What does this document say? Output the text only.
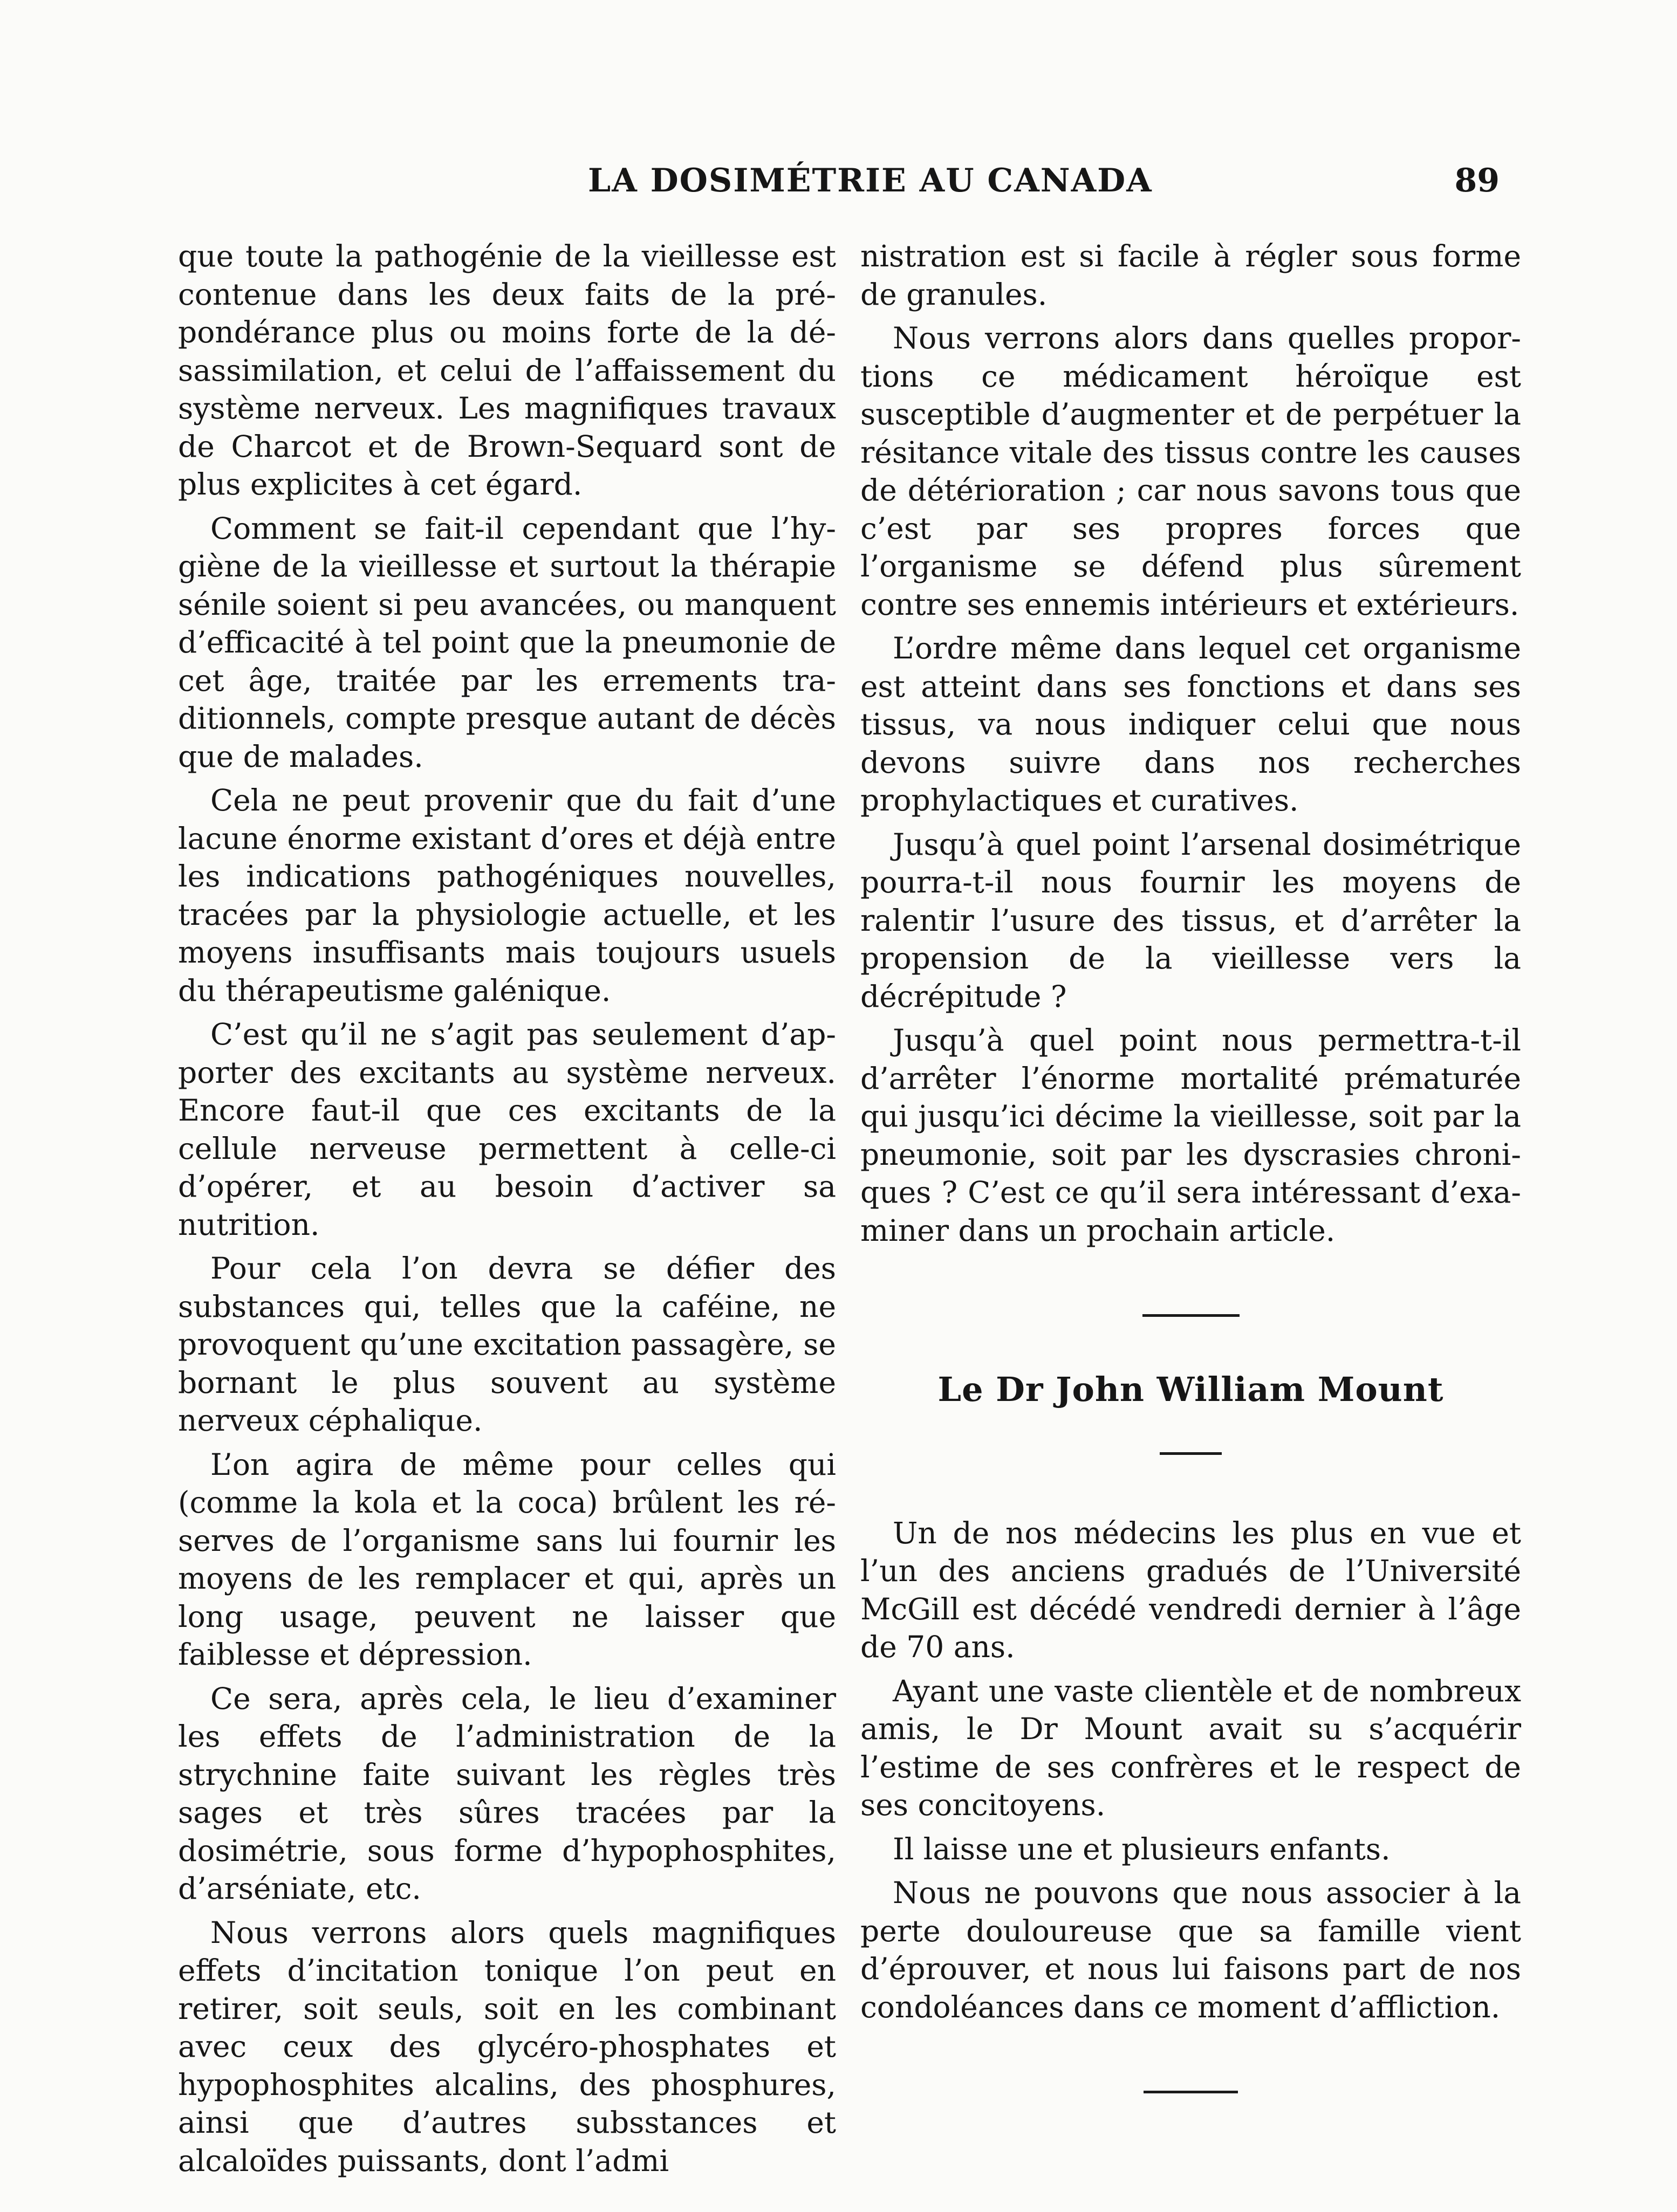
LA DOSIMÉTRIE AU CANADA	89

que toute la pathogénie de la vieillesse est contenue dans les deux faits de la prépondérance plus ou moins forte de la désassimilation, et celui de l’affaissement du système nerveux. Les magnifiques travaux de Charcot et de Brown-Sequard sont de plus explicites à cet égard.

Comment se fait-il cependant que l’hygiène de la vieillesse et surtout la thérapie sénile soient si peu avancées, ou manquent d’efficacité à tel point que la pneumonie de cet âge, traitée par les errements traditionnels, compte presque autant de décès que de malades.

Cela ne peut provenir que du fait d’une lacune énorme existant d’ores et déjà entre les indications pathogéniques nouvelles, tracées par la physiologie actuelle, et les moyens insuffisants mais toujours usuels du thérapeutisme galénique.

C’est qu’il ne s’agit pas seulement d’apporter des excitants au système nerveux. Encore faut-il que ces excitants de la cellule nerveuse permettent à celle-ci d’opérer, et au besoin d’activer sa nutrition.

Pour cela l’on devra se défier des substances qui, telles que la caféine, ne provoquent qu’une excitation passagère, se bornant le plus souvent au système nerveux céphalique.

L’on agira de même pour celles qui (comme la kola et la coca) brûlent les réserves de l’organisme sans lui fournir les moyens de les remplacer et qui, après un long usage, peuvent ne laisser que faiblesse et dépression.

Ce sera, après cela, le lieu d’examiner les effets de l’administration de la strychnine faite suivant les règles très sages et très sûres tracées par la dosimétrie, sous forme d’hypophosphites, d’arséniate, etc.

Nous verrons alors quels magnifiques effets d’incitation tonique l’on peut en retirer, soit seuls, soit en les combinant avec ceux des glycéro-phosphates et hypophosphites alcalins, des phosphures, ainsi que d’autres subsstances et alcaloïdes puissants, dont l’admi

nistration est si facile à régler sous forme de granules.

Nous verrons alors dans quelles proportions ce médicament héroïque est susceptible d’augmenter et de perpétuer la résitance vitale des tissus contre les causes de détérioration ; car nous savons tous que c’est par ses propres forces que l’organisme se défend plus sûrement contre ses ennemis intérieurs et extérieurs.

L’ordre même dans lequel cet organisme est atteint dans ses fonctions et dans ses tissus, va nous indiquer celui que nous devons suivre dans nos recherches prophylactiques et curatives.

Jusqu’à quel point l’arsenal dosimétrique pourra-t-il nous fournir les moyens de ralentir l’usure des tissus, et d’arrêter la propension de la vieillesse vers la décrépitude ?

Jusqu’à quel point nous permettra-t-il d’arrêter l’énorme mortalité prématurée qui jusqu’ici décime la vieillesse, soit par la pneumonie, soit par les dyscrasies chroniques ? C’est ce qu’il sera intéressant d’examiner dans un prochain article.

Le Dr John William Mount

Un de nos médecins les plus en vue et l’un des anciens gradués de l’Université McGill est décédé vendredi dernier à l’âge de 70 ans.

Ayant une vaste clientèle et de nombreux amis, le Dr Mount avait su s’acquérir l’estime de ses confrères et le respect de ses concitoyens.

Il laisse une et plusieurs enfants.

Nous ne pouvons que nous associer à la perte douloureuse que sa famille vient d’éprouver, et nous lui faisons part de nos condoléances dans ce moment d’affliction.
